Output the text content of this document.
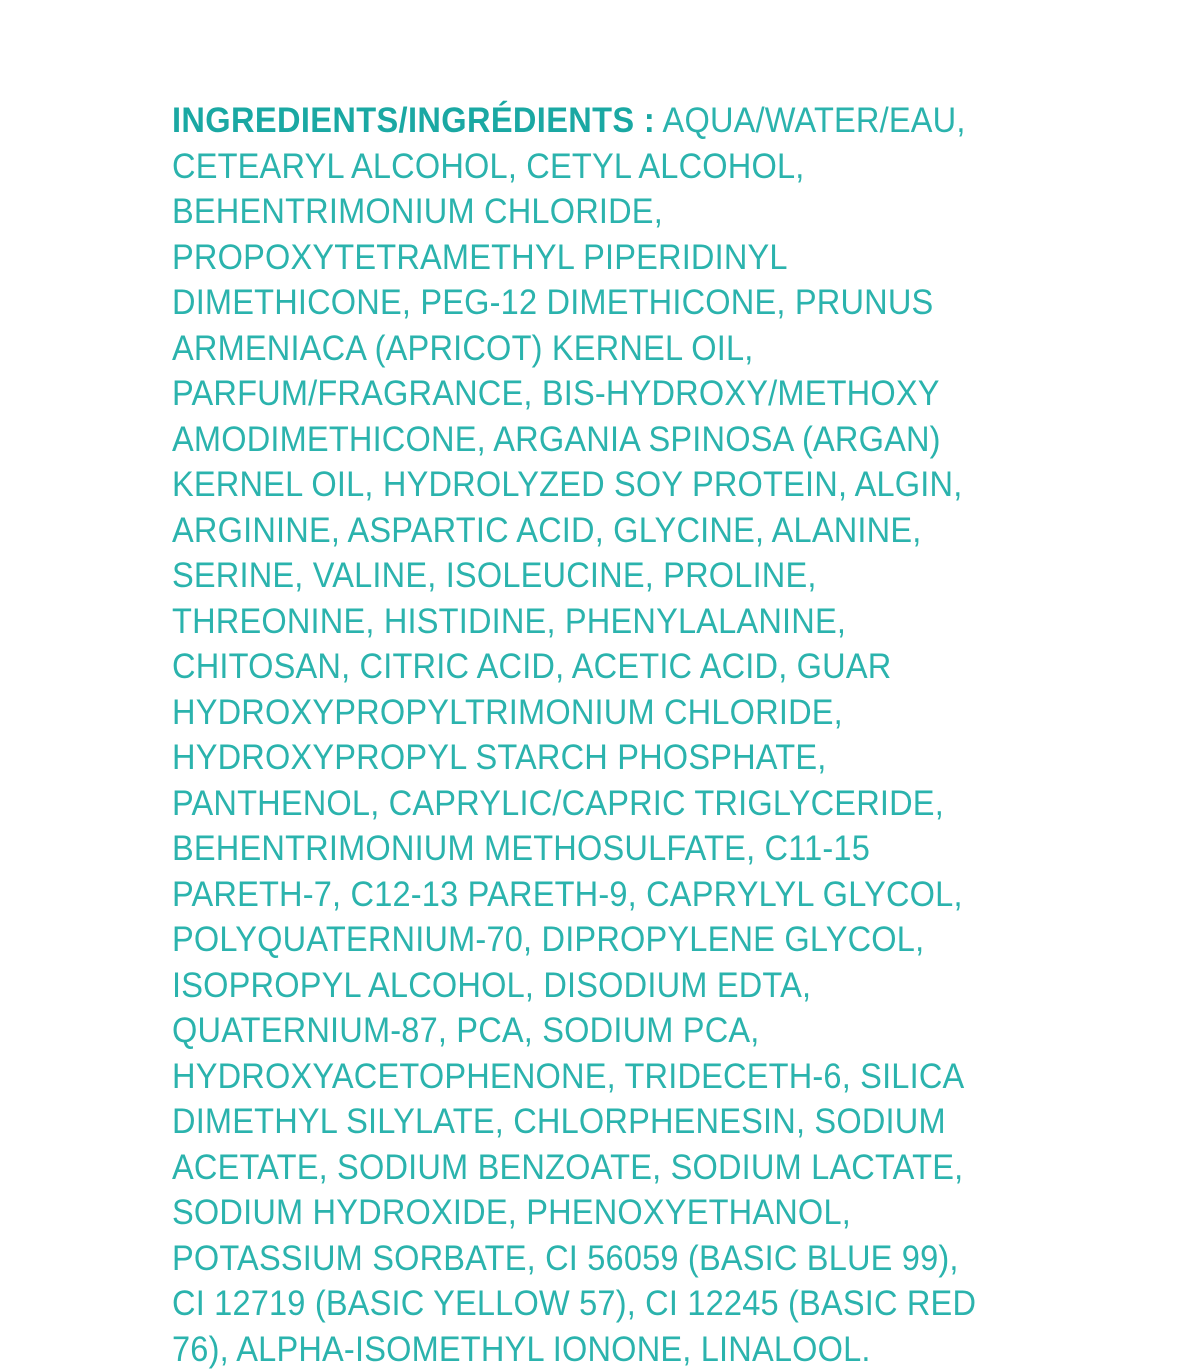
INGREDIENTS/INGRÉDIENTS : AQUA/WATER/EAU, CETEARYL ALCOHOL, CETYL ALCOHOL, BEHENTRIMONIUM CHLORIDE, PROPOXYTETRAMETHYL PIPERIDINYL DIMETHICONE, PEG-12 DIMETHICONE, PRUNUS ARMENIACA (APRICOT) KERNEL OIL, PARFUM/FRAGRANCE, BIS-HYDROXY/METHOXY AMODIMETHICONE, ARGANIA SPINOSA (ARGAN) KERNEL OIL, HYDROLYZED SOY PROTEIN, ALGIN, ARGININE, ASPARTIC ACID, GLYCINE, ALANINE, SERINE, VALINE, ISOLEUCINE, PROLINE, THREONINE, HISTIDINE, PHENYLALANINE, CHITOSAN, CITRIC ACID, ACETIC ACID, GUAR HYDROXYPROPYLTRIMONIUM CHLORIDE, HYDROXYPROPYL STARCH PHOSPHATE, PANTHENOL, CAPRYLIC/CAPRIC TRIGLYCERIDE, BEHENTRIMONIUM METHOSULFATE, C11-15 PARETH-7, C12-13 PARETH-9, CAPRYLYL GLYCOL, POLYQUATERNIUM-70, DIPROPYLENE GLYCOL, ISOPROPYL ALCOHOL, DISODIUM EDTA, QUATERNIUM-87, PCA, SODIUM PCA, HYDROXYACETOPHENONE, TRIDECETH-6, SILICA DIMETHYL SILYLATE, CHLORPHENESIN, SODIUM ACETATE, SODIUM BENZOATE, SODIUM LACTATE, SODIUM HYDROXIDE, PHENOXYETHANOL, POTASSIUM SORBATE, CI 56059 (BASIC BLUE 99), CI 12719 (BASIC YELLOW 57), CI 12245 (BASIC RED 76), ALPHA-ISOMETHYL IONONE, LINALOOL.
